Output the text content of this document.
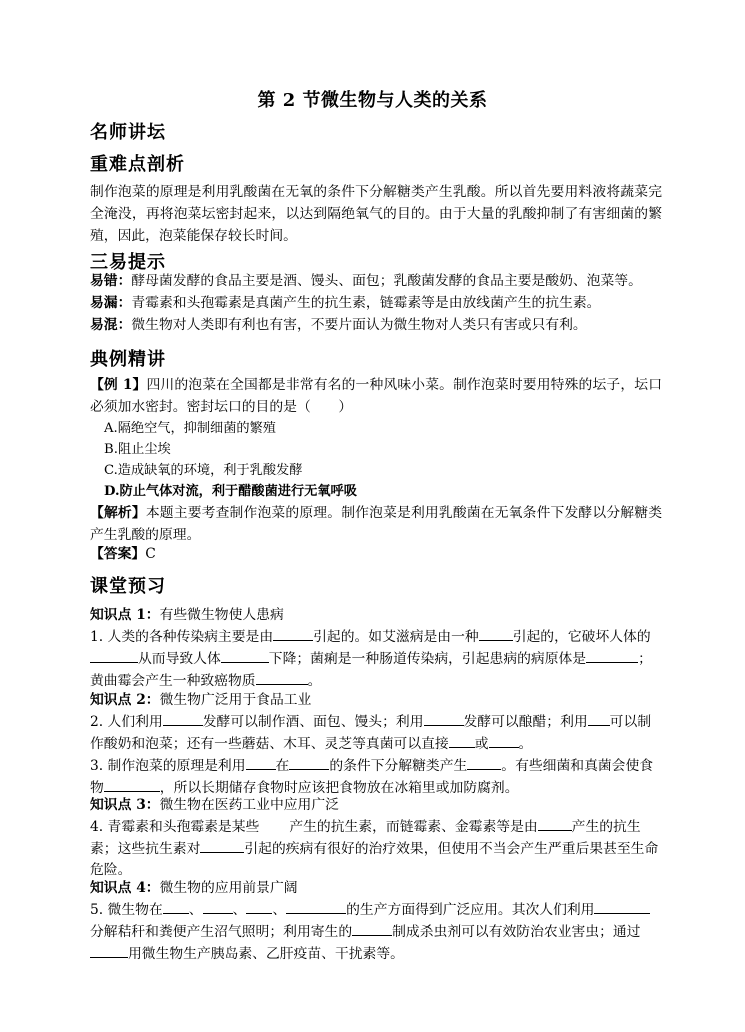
第 2 节微生物与人类的关系
名师讲坛
重难点剖析
制作泡菜的原理是利用乳酸菌在无氧的条件下分解糖类产生乳酸。所以首先要用料液将蔬菜完全淹没，再将泡菜坛密封起来，以达到隔绝氧气的目的。由于大量的乳酸抑制了有害细菌的繁殖，因此，泡菜能保存较长时间。
三易提示
易错：酵母菌发酵的食品主要是酒、馒头、面包；乳酸菌发酵的食品主要是酸奶、泡菜等。
易漏：青霉素和头孢霉素是真菌产生的抗生素，链霉素等是由放线菌产生的抗生素。
易混：微生物对人类即有利也有害，不要片面认为微生物对人类只有害或只有利。
典例精讲
【例 1】四川的泡菜在全国都是非常有名的一种风味小菜。制作泡菜时要用特殊的坛子，坛口必须加水密封。密封坛口的目的是（　　）
A.隔绝空气，抑制细菌的繁殖
B.阻止尘埃
C.造成缺氧的环境，利于乳酸发酵
D.防止气体对流，利于醋酸菌进行无氧呼吸
【解析】本题主要考查制作泡菜的原理。制作泡菜是利用乳酸菌在无氧条件下发酵以分解糖类产生乳酸的原理。
【答案】C
课堂预习
知识点 1：有些微生物使人患病
1. 人类的各种传染病主要是由	引起的。如艾滋病是由一种 引起的，它破坏人体的从而导致人体	下降；菌痢是一种肠道传染病，引起患病的病原体是	；黄曲霉会产生一种致癌物质	。
知识点 2：微生物广泛用于食品工业
2. 人们利用	发酵可以制作酒、面包、馒头；利用	发酵可以酿醋；利用 可以制作酸奶和泡菜；还有一些蘑菇、木耳、灵芝等真菌可以直接 或 。
3. 制作泡菜的原理是利用 在	的条件下分解糖类产生 。有些细菌和真菌会使食物	，所以长期储存食物时应该把食物放在冰箱里或加防腐剂。
知识点 3：微生物在医药工业中应用广泛
4. 青霉素和头孢霉素是某些 产生的抗生素，而链霉素、金霉素等是由 产生的抗生素；这些抗生素对	引起的疾病有很好的治疗效果，但使用不当会产生严重后果甚至生命危险。
知识点 4：微生物的应用前景广阔
5. 微生物在 、 、 、	的生产方面得到广泛应用。其次人们利用分解秸秆和粪便产生沼气照明；利用寄生的	制成杀虫剂可以有效防治农业害虫；通过用微生物生产胰岛素、乙肝疫苗、干扰素等。
